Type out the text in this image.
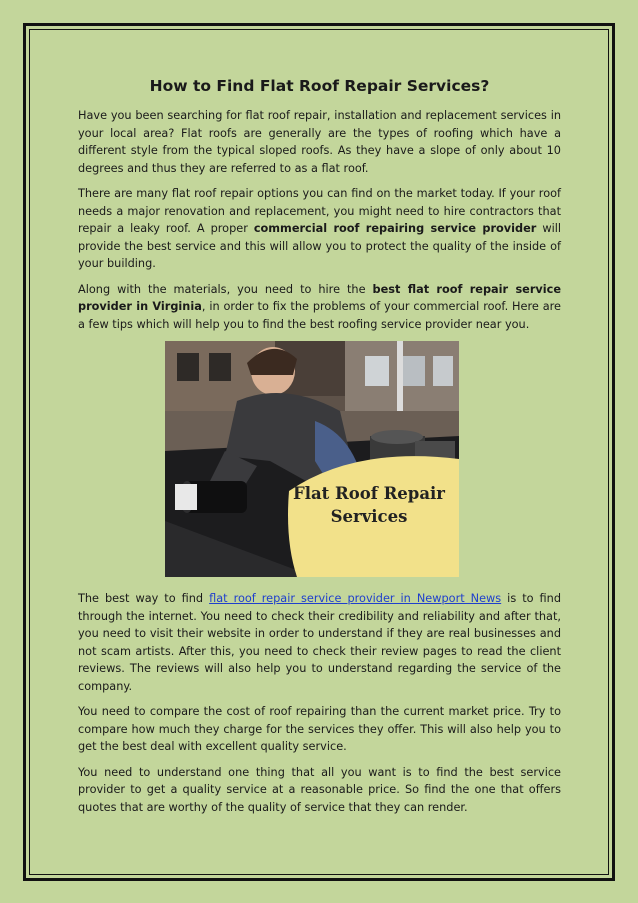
How to Find Flat Roof Repair Services?

Have you been searching for flat roof repair, installation and replacement services in your local area? Flat roofs are generally are the types of roofing which have a different style from the typical sloped roofs. As they have a slope of only about 10 degrees and thus they are referred to as a flat roof.

There are many flat roof repair options you can find on the market today. If your roof needs a major renovation and replacement, you might need to hire contractors that repair a leaky roof. A proper commercial roof repairing service provider will provide the best service and this will allow you to protect the quality of the inside of your building.

Along with the materials, you need to hire the best flat roof repair service provider in Virginia, in order to fix the problems of your commercial roof. Here are a few tips which will help you to find the best roofing service provider near you.

Flat Roof Repair
Services

The best way to find flat roof repair service provider in Newport News is to find through the internet. You need to check their credibility and reliability and after that, you need to visit their website in order to understand if they are real businesses and not scam artists. After this, you need to check their review pages to read the client reviews. The reviews will also help you to understand regarding the service of the company.

You need to compare the cost of roof repairing than the current market price. Try to compare how much they charge for the services they offer. This will also help you to get the best deal with excellent quality service.

You need to understand one thing that all you want is to find the best service provider to get a quality service at a reasonable price. So find the one that offers quotes that are worthy of the quality of service that they can render.
